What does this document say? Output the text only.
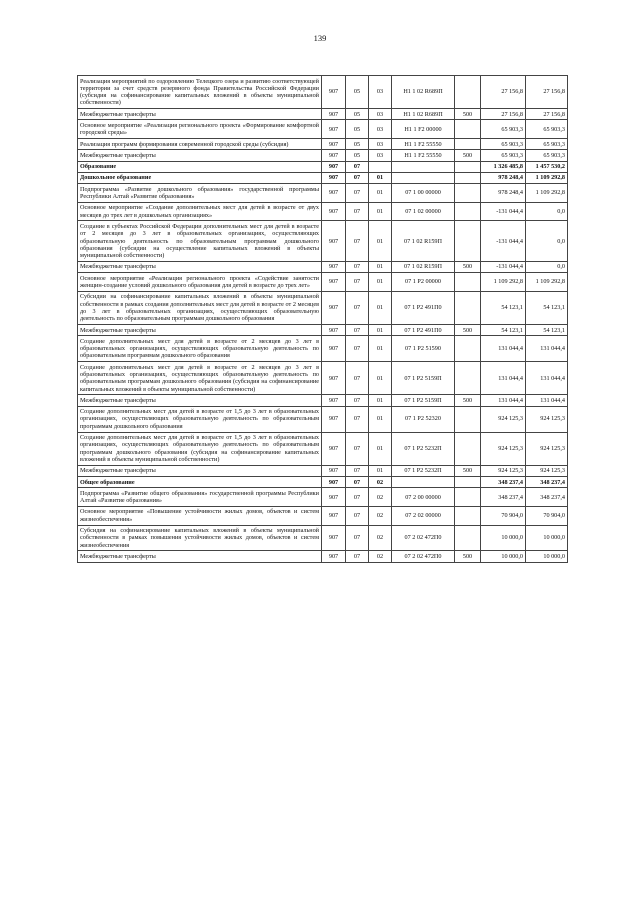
139
Реализация мероприятий по оздоровлению Телецкого озера и развитию соответствующей территории за счет средств резервного фонда Правительства Российской Федерации (субсидия на софинансирование капитальных вложений в объекты муниципальной собственности)	907	05	03	Н1 1 02 R689П		27 156,8	27 156,8
Межбюджетные трансферты	907	05	03	Н1 1 02 R689П	500	27 156,8	27 156,8
Основное мероприятие «Реализация регионального проекта «Формирование комфортной городской среды»	907	05	03	Н1 1 F2 00000		65 903,3	65 903,3
Реализация программ формирования современной городской среды (субсидия)	907	05	03	Н1 1 F2 55550		65 903,3	65 903,3
Межбюджетные трансферты	907	05	03	Н1 1 F2 55550	500	65 903,3	65 903,3
Образование	907	07				1 326 485,8	1 457 530,2
Дошкольное образование	907	07	01			978 248,4	1 109 292,8
Подпрограмма «Развитие дошкольного образования» государственной программы Республики Алтай «Развитие образования»	907	07	01	07 1 00 00000		978 248,4	1 109 292,8
Основное мероприятие «Создание дополнительных мест для детей в возрасте от двух месяцев до трех лет в дошкольных организациях»	907	07	01	07 1 02 00000		-131 044,4	0,0
Создание в субъектах Российской Федерации дополнительных мест для детей в возрасте от 2 месяцев до 3 лет в образовательных организациях, осуществляющих образовательную деятельность по образовательным программам дошкольного образования (субсидии на осуществление капитальных вложений в объекты муниципальной собственности)	907	07	01	07 1 02 R159П		-131 044,4	0,0
Межбюджетные трансферты	907	07	01	07 1 02 R159П	500	-131 044,4	0,0
Основное мероприятие «Реализация регионального проекта «Содействие занятости женщин-создание условий дошкольного образования для детей в возрасте до трех лет»	907	07	01	07 1 P2 00000		1 109 292,8	1 109 292,8
Субсидии на софинансирование капитальных вложений в объекты муниципальной собственности в рамках создания дополнительных мест для детей в возрасте от 2 месяцев до 3 лет в образовательных организациях, осуществляющих образовательную деятельность по образовательным программам дошкольного образования	907	07	01	07 1 P2 491П0		54 123,1	54 123,1
Межбюджетные трансферты	907	07	01	07 1 P2 491П0	500	54 123,1	54 123,1
Создание дополнительных мест для детей в возрасте от 2 месяцев до 3 лет в образовательных организациях, осуществляющих образовательную деятельность по образовательным программам дошкольного образования	907	07	01	07 1 P2 51590		131 044,4	131 044,4
Создание дополнительных мест для детей в возрасте от 2 месяцев до 3 лет в образовательных организациях, осуществляющих образовательную деятельность по образовательным программам дошкольного образования (субсидия на софинансирование капитальных вложений в объекты муниципальной собственности)	907	07	01	07 1 P2 5159П		131 044,4	131 044,4
Межбюджетные трансферты	907	07	01	07 1 P2 5159П	500	131 044,4	131 044,4
Создание дополнительных мест для детей в возрасте от 1,5 до 3 лет в образовательных организациях, осуществляющих образовательную деятельность по образовательным программам дошкольного образования	907	07	01	07 1 P2 52320		924 125,3	924 125,3
Создание дополнительных мест для детей в возрасте от 1,5 до 3 лет в образовательных организациях, осуществляющих образовательную деятельность по образовательным программам дошкольного образования (субсидия на софинансирование капитальных вложений в объекты муниципальной собственности)	907	07	01	07 1 P2 5232П		924 125,3	924 125,3
Межбюджетные трансферты	907	07	01	07 1 P2 5232П	500	924 125,3	924 125,3
Общее образование	907	07	02			348 237,4	348 237,4
Подпрограмма «Развитие общего образования» государственной программы Республики Алтай «Развитие образования»	907	07	02	07 2 00 00000		348 237,4	348 237,4
Основное мероприятие «Повышение устойчивости жилых домов, объектов и систем жизнеобеспечения»	907	07	02	07 2 02 00000		70 904,0	70 904,0
Субсидия на софинансирование капитальных вложений в объекты муниципальной собственности в рамках повышения устойчивости жилых домов, объектов и систем жизнеобеспечения	907	07	02	07 2 02 472П0		10 000,0	10 000,0
Межбюджетные трансферты	907	07	02	07 2 02 472П0	500	10 000,0	10 000,0
